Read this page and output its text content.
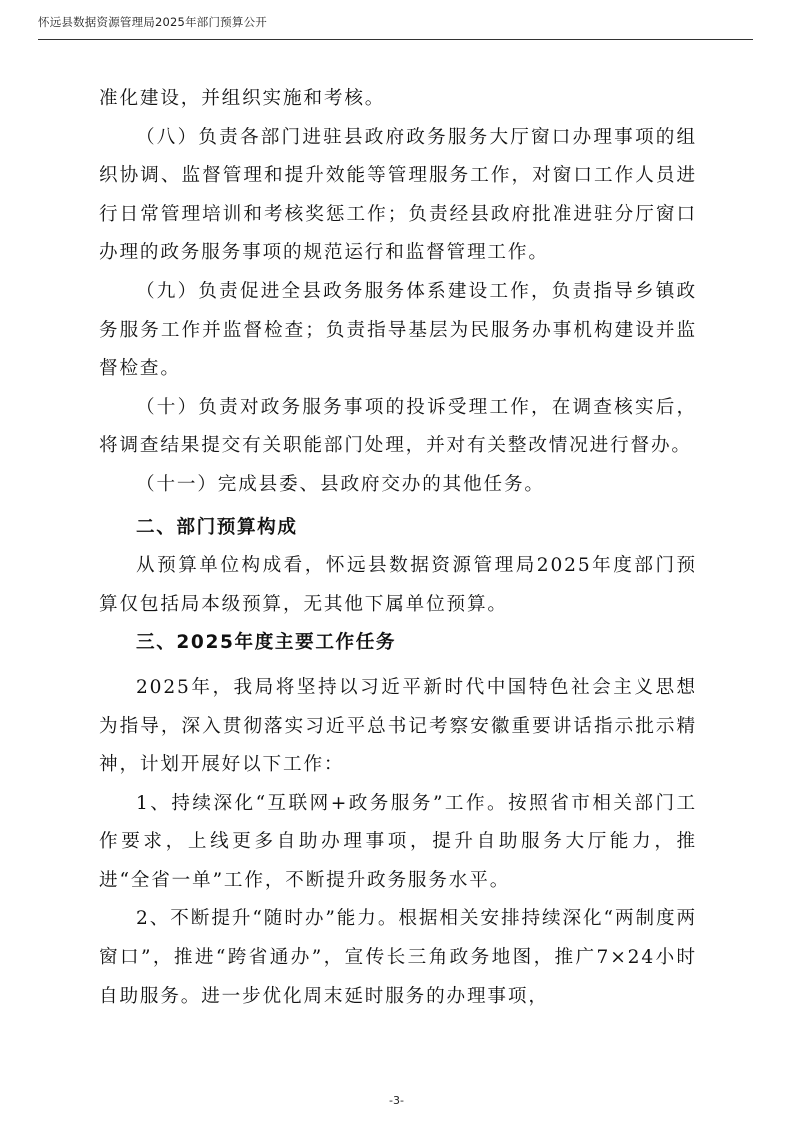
怀远县数据资源管理局2025年部门预算公开

准化建设，并组织实施和考核。

（八）负责各部门进驻县政府政务服务大厅窗口办理事项的组织协调、监督管理和提升效能等管理服务工作，对窗口工作人员进行日常管理培训和考核奖惩工作；负责经县政府批准进驻分厅窗口办理的政务服务事项的规范运行和监督管理工作。

（九）负责促进全县政务服务体系建设工作，负责指导乡镇政务服务工作并监督检查；负责指导基层为民服务办事机构建设并监督检查。

（十）负责对政务服务事项的投诉受理工作，在调查核实后，将调查结果提交有关职能部门处理，并对有关整改情况进行督办。

（十一）完成县委、县政府交办的其他任务。

二、部门预算构成

从预算单位构成看，怀远县数据资源管理局2025年度部门预算仅包括局本级预算，无其他下属单位预算。

三、2025年度主要工作任务

2025年，我局将坚持以习近平新时代中国特色社会主义思想为指导，深入贯彻落实习近平总书记考察安徽重要讲话指示批示精神，计划开展好以下工作：

1、持续深化“互联网+政务服务”工作。按照省市相关部门工作要求，上线更多自助办理事项，提升自助服务大厅能力，推进“全省一单”工作，不断提升政务服务水平。

2、不断提升“随时办”能力。根据相关安排持续深化“两制度两窗口”，推进“跨省通办”，宣传长三角政务地图，推广7×24小时自助服务。进一步优化周末延时服务的办理事项，

-3-
